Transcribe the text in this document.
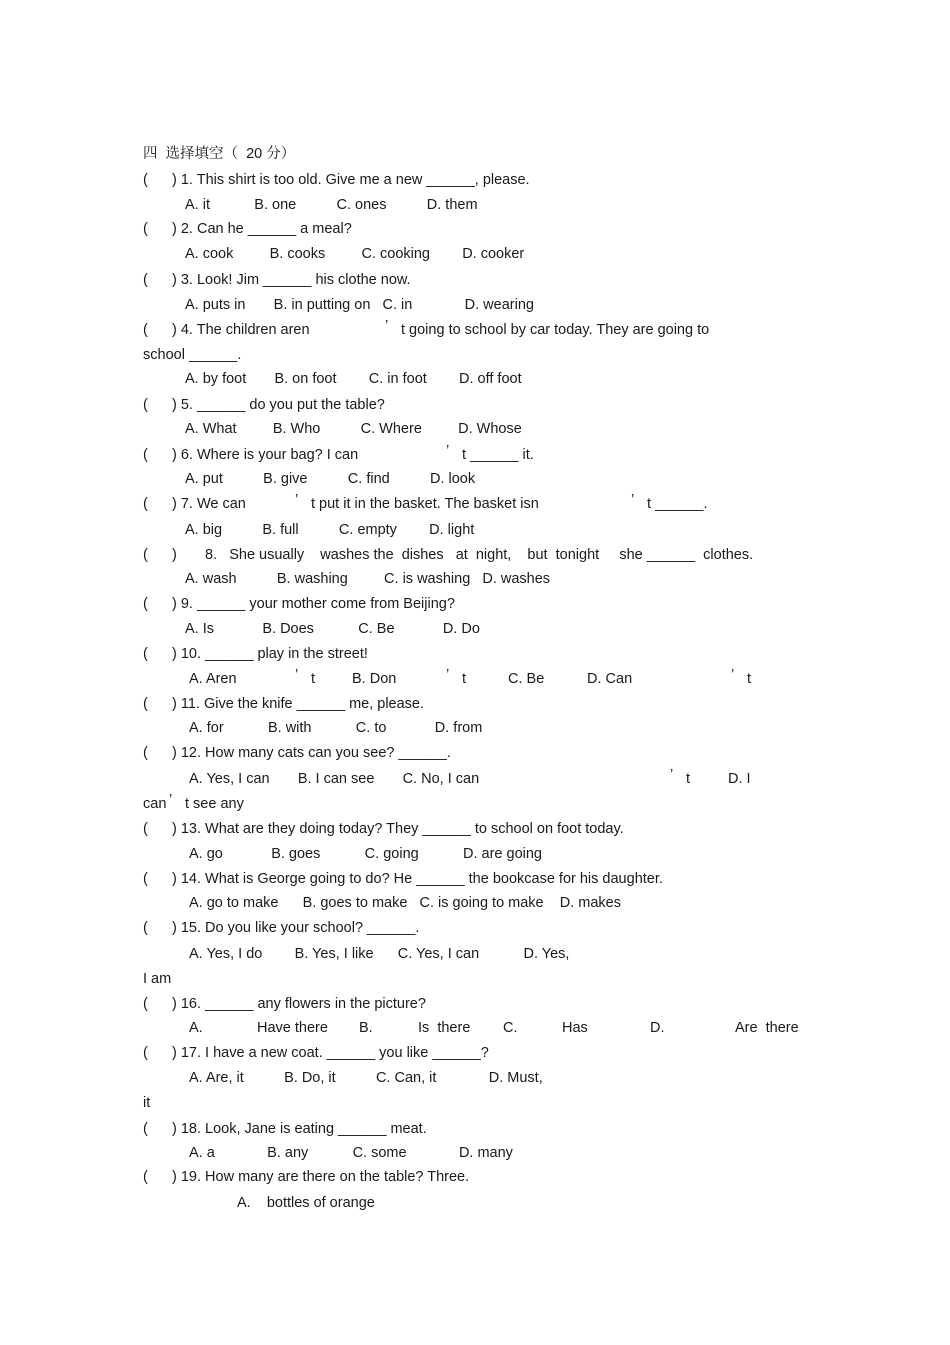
四  选择填空（  20 分）
(      ) 1. This shirt is too old. Give me a new ______, please.
A. it           B. one          C. ones          D. them
(      ) 2. Can he ______ a meal?
A. cook         B. cooks         C. cooking        D. cooker
(      ) 3. Look! Jim ______ his clothe now.
A. puts in       B. in putting on   C. in             D. wearing
(      ) 4. The children aren	’ t going to school by car today. They are going to
school ______.
A. by foot       B. on foot        C. in foot        D. off foot
(      ) 5. ______ do you put the table?
A. What         B. Who          C. Where         D. Whose
(      ) 6. Where is your bag? I can	’ t ______ it.
A. put          B. give          C. find          D. look
(      ) 7. We can	’ t put it in the basket. The basket isn	’ t ______.
A. big          B. full          C. empty        D. light
(      )       8.   She usually    washes the  dishes   at  night,    but  tonight     she ______  clothes.
A. wash          B. washing         C. is washing   D. washes
(      ) 9. ______ your mother come from Beijing?
A. Is            B. Does           C. Be            D. Do
(      ) 10. ______ play in the street!
A. Aren	’ t	B. Don	’ t	C. Be	D. Can	’ t
(      ) 11. Give the knife ______ me, please.
A. for           B. with           C. to            D. from
(      ) 12. How many cats can you see? ______.
A. Yes, I can       B. I can see       C. No, I can	’ t	D. I
can ’ t see any
(      ) 13. What are they doing today? They ______ to school on foot today.
A. go            B. goes           C. going           D. are going
(      ) 14. What is George going to do? He ______ the bookcase for his daughter.
A. go to make      B. goes to make   C. is going to make    D. makes
(      ) 15. Do you like your school? ______.
A. Yes, I do        B. Yes, I like      C. Yes, I can           D. Yes,
I am
(      ) 16. ______ any flowers in the picture?
A.	Have there B.	Is  there C.	Has	D.	Are  there
(      ) 17. I have a new coat. ______ you like ______?
A. Are, it          B. Do, it          C. Can, it             D. Must,
it
(      ) 18. Look, Jane is eating ______ meat.
A. a             B. any           C. some             D. many
(      ) 19. How many are there on the table? Three.
A.    bottles of orange
